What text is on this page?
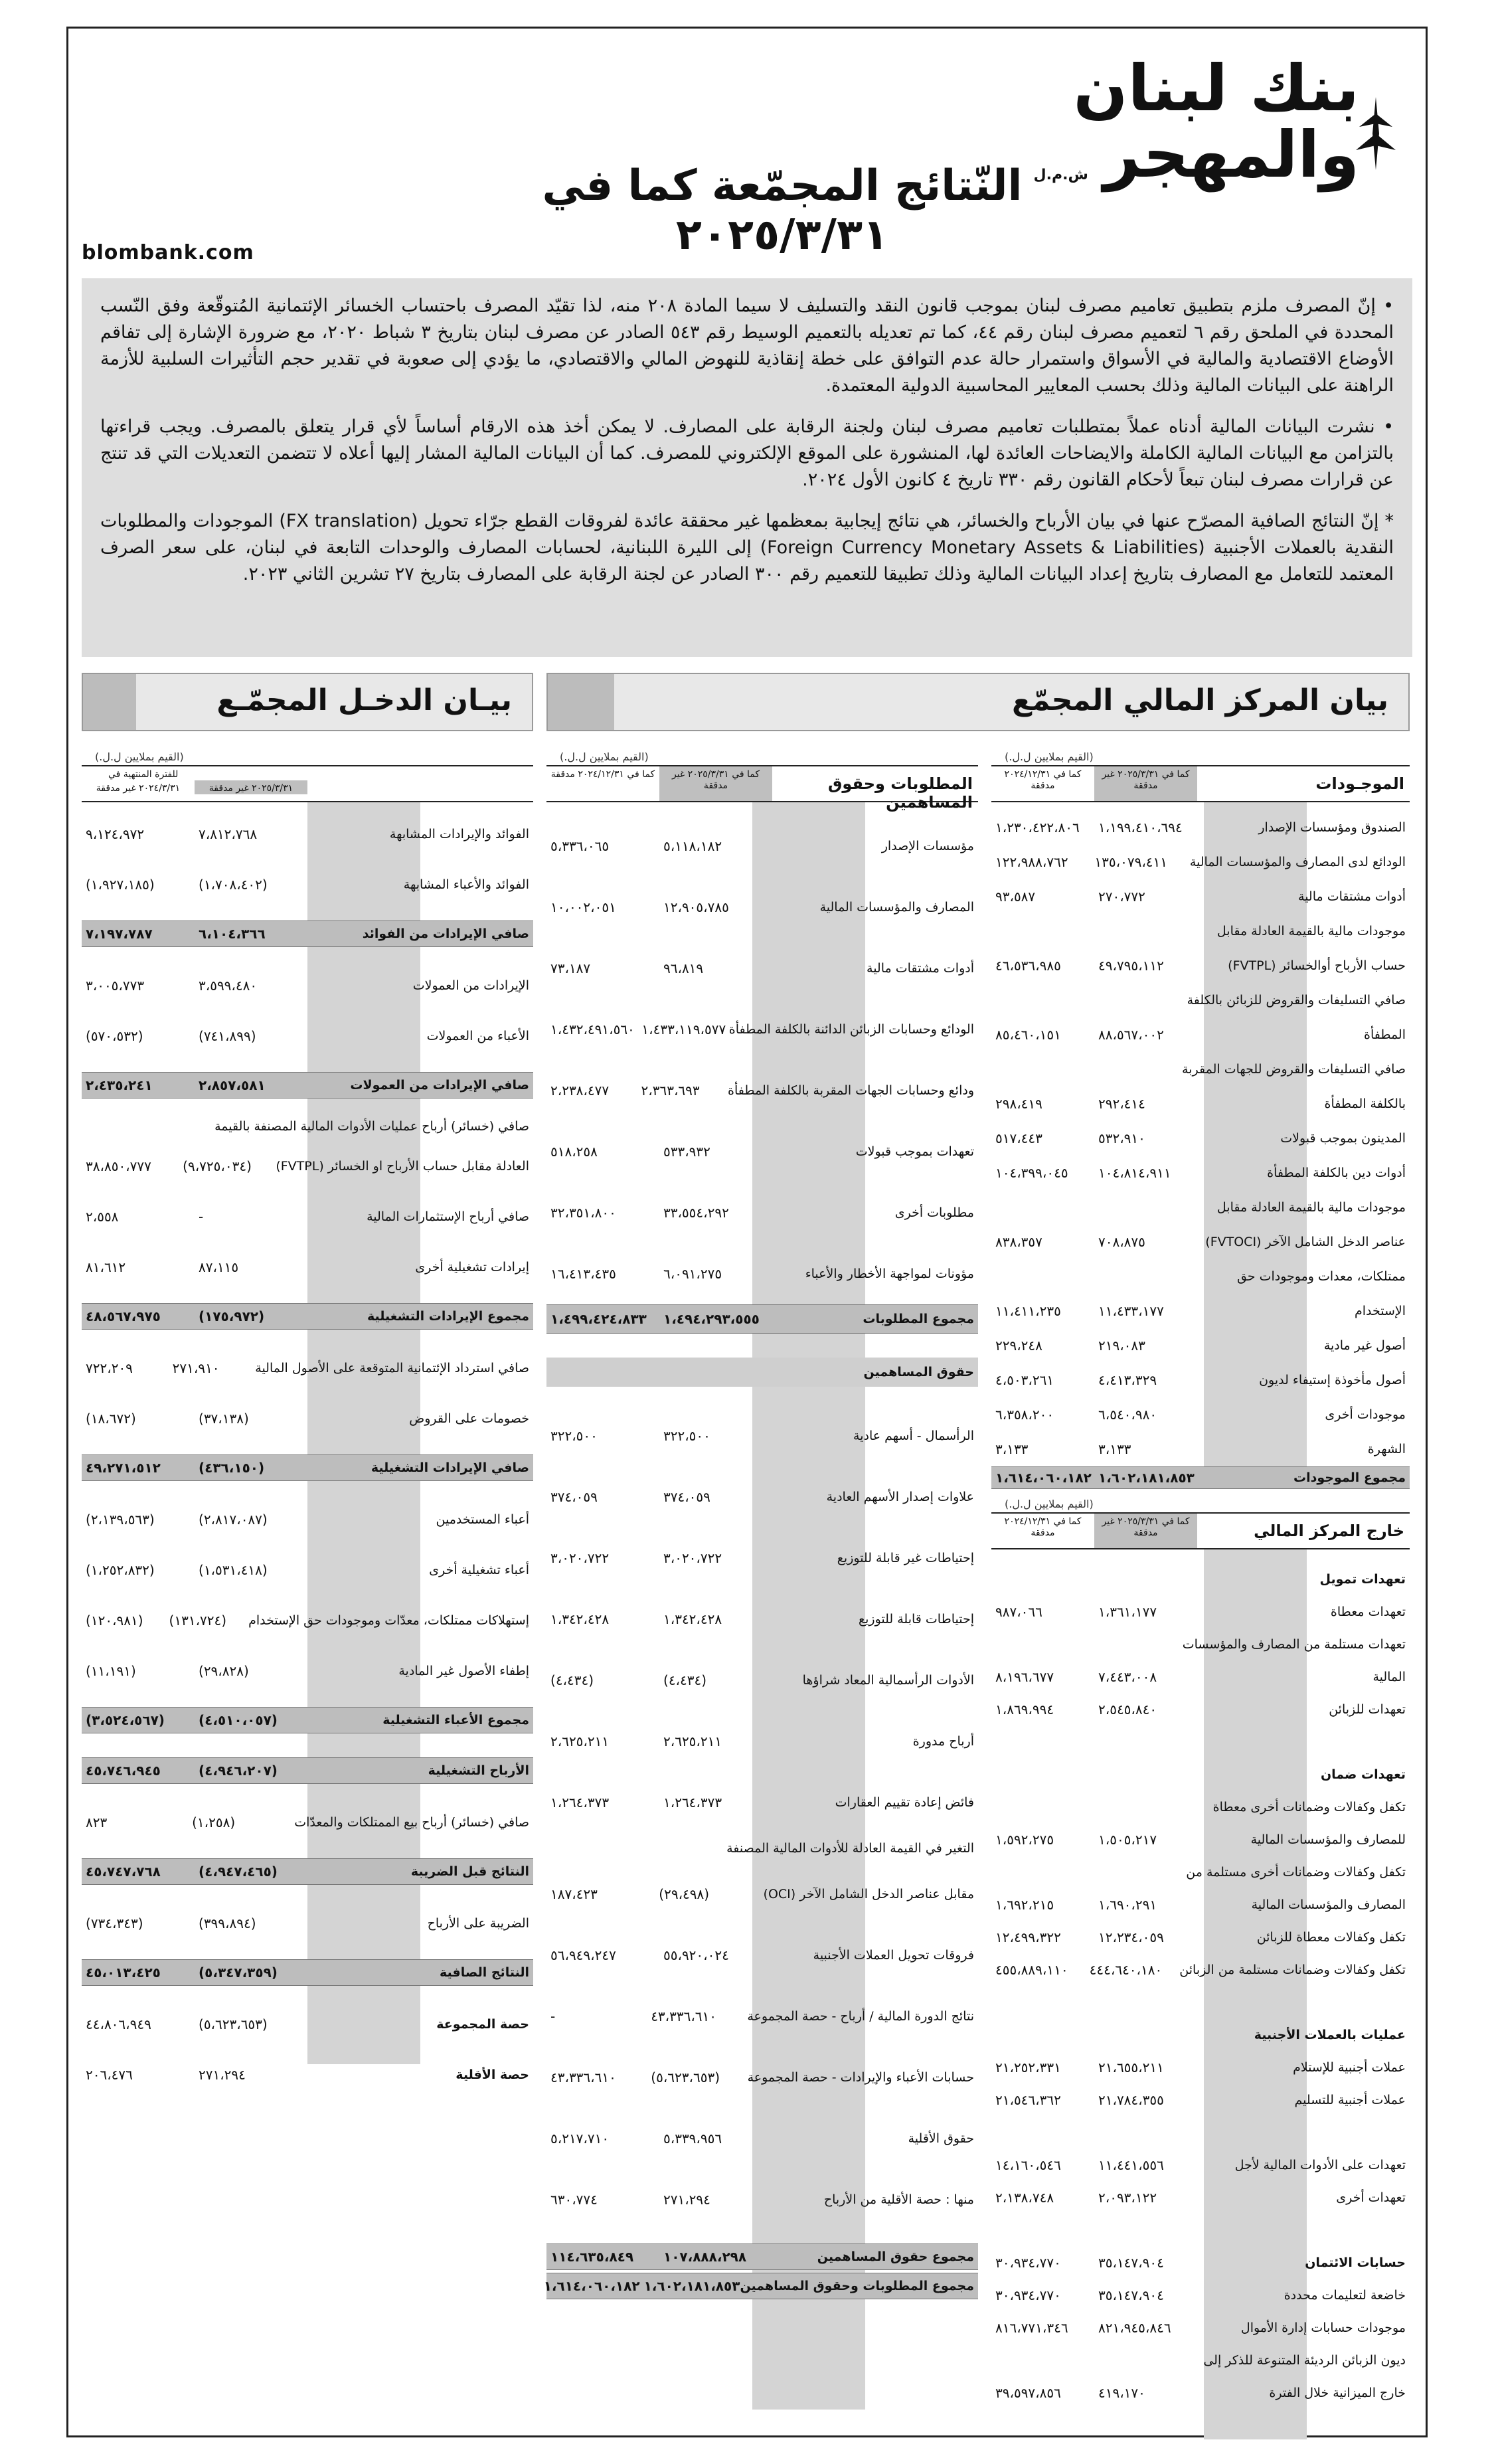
بنك لبنان
والمهجر
ش.م.ل
النّتائج المجمّعة كما في ٢٠٢٥/٣/٣١
blombank.com

• إنّ المصرف ملزم بتطبيق تعاميم مصرف لبنان بموجب قانون النقد والتسليف لا سيما المادة ٢٠٨ منه، لذا تقيّد المصرف باحتساب الخسائر الإئتمانية المُتوقّعة وفق النّسب المحددة في الملحق رقم ٦ لتعميم مصرف لبنان رقم ٤٤، كما تم تعديله بالتعميم الوسيط رقم ٥٤٣ الصادر عن مصرف لبنان بتاريخ ٣ شباط ٢٠٢٠، مع ضرورة الإشارة إلى تفاقم الأوضاع الاقتصادية والمالية في الأسواق واستمرار حالة عدم التوافق على خطة إنقاذية للنهوض المالي والاقتصادي، ما يؤدي إلى صعوبة في تقدير حجم التأثيرات السلبية للأزمة الراهنة على البيانات المالية وذلك بحسب المعايير المحاسبية الدولية المعتمدة.

• نشرت البيانات المالية أدناه عملاً بمتطلبات تعاميم مصرف لبنان ولجنة الرقابة على المصارف. لا يمكن أخذ هذه الارقام أساساً لأي قرار يتعلق بالمصرف. ويجب قراءتها بالتزامن مع البيانات المالية الكاملة والايضاحات العائدة لها، المنشورة على الموقع الإلكتروني للمصرف. كما أن البيانات المالية المشار إليها أعلاه لا تتضمن التعديلات التي قد تنتج عن قرارات مصرف لبنان تبعاً لأحكام القانون رقم ٣٣٠ تاريخ ٤ كانون الأول ٢٠٢٤.

* إنّ النتائج الصافية المصرّح عنها في بيان الأرباح والخسائر، هي نتائج إيجابية بمعظمها غير محققة عائدة لفروقات القطع جرّاء تحويل (FX translation) الموجودات والمطلوبات النقدية بالعملات الأجنبية (Foreign Currency Monetary Assets & Liabilities) إلى الليرة اللبنانية، لحسابات المصارف والوحدات التابعة في لبنان، على سعر الصرف المعتمد للتعامل مع المصارف بتاريخ إعداد البيانات المالية وذلك تطبيقا للتعميم رقم ٣٠٠ الصادر عن لجنة الرقابة على المصارف بتاريخ ٢٧ تشرين الثاني ٢٠٢٣.

بيان المركز المالي المجمّع
بيـان الدخـل المجمّـع
(القيم بملايين ل.ل.)
الموجـودات
كما في ٢٠٢٥/٣/٣١ غير مدققة
كما في ٢٠٢٤/١٢/٣١ مدققة
الصندوق ومؤسسات الإصدار
١،١٩٩،٤١٠،٦٩٤
١،٢٣٠،٤٢٢،٨٠٦
الودائع لدى المصارف والمؤسسات المالية
١٣٥،٠٧٩،٤١١
١٢٢،٩٨٨،٧٦٢
أدوات مشتقات مالية
٢٧٠،٧٧٢
٩٣،٥٨٧
موجودات مالية بالقيمة العادلة مقابل
حساب الأرباح أوالخسائر (FVTPL)
٤٩،٧٩٥،١١٢
٤٦،٥٣٦،٩٨٥
صافي التسليفات والقروض للزبائن بالكلفة
المطفأة
٨٨،٥٦٧،٠٠٢
٨٥،٤٦٠،١٥١
صافي التسليفات والقروض للجهات المقربة
بالكلفة المطفأة
٢٩٢،٤١٤
٢٩٨،٤١٩
المدينون بموجب قبولات
٥٣٢،٩١٠
٥١٧،٤٤٣
أدوات دين بالكلفة المطفأة
١٠٤،٨١٤،٩١١
١٠٤،٣٩٩،٠٤٥
موجودات مالية بالقيمة العادلة مقابل
عناصر الدخل الشامل الآخر (FVTOCI)
٧٠٨،٨٧٥
٨٣٨،٣٥٧
ممتلكات، معدات وموجودات حق
الإستخدام
١١،٤٣٣،١٧٧
١١،٤١١،٢٣٥
أصول غير مادية
٢١٩،٠٨٣
٢٢٩،٢٤٨
أصول مأخوذة إستيفاء لديون
٤،٤١٣،٣٢٩
٤،٥٠٣،٢٦١
موجودات أخرى
٦،٥٤٠،٩٨٠
٦،٣٥٨،٢٠٠
الشهرة
٣،١٣٣
٣،١٣٣
مجموع الموجودات
١،٦٠٢،١٨١،٨٥٣
١،٦١٤،٠٦٠،١٨٢
(القيم بملايين ل.ل.)
خارج المركز المالي
كما في ٢٠٢٥/٣/٣١ غير مدققة
كما في ٢٠٢٤/١٢/٣١ مدققة
تعهدات تمويل
تعهدات معطاة
١،٣٦١،١٧٧
٩٨٧،٠٦٦
تعهدات مستلمة من المصارف والمؤسسات
المالية
٧،٤٤٣،٠٠٨
٨،١٩٦،٦٧٧
تعهدات للزبائن
٢،٥٤٥،٨٤٠
١،٨٦٩،٩٩٤
تعهدات ضمان
تكفل وكفالات وضمانات أخرى معطاة
للمصارف والمؤسسات المالية
١،٥٠٥،٢١٧
١،٥٩٢،٢٧٥
تكفل وكفالات وضمانات أخرى مستلمة من
المصارف والمؤسسات المالية
١،٦٩٠،٢٩١
١،٦٩٢،٢١٥
تكفل وكفالات معطاة للزبائن
١٢،٢٣٤،٠٥٩
١٢،٤٩٩،٣٢٢
تكفل وكفالات وضمانات مستلمة من الزبائن
٤٤٤،٦٤٠،١٨٠
٤٥٥،٨٨٩،١١٠
عمليات بالعملات الأجنبية
عملات أجنبية للإستلام
٢١،٦٥٥،٢١١
٢١،٢٥٢،٣٣١
عملات أجنبية للتسليم
٢١،٧٨٤،٣٥٥
٢١،٥٤٦،٣٦٢
تعهدات على الأدوات المالية لأجل
١١،٤٤١،٥٥٦
١٤،١٦٠،٥٤٦
تعهدات أخرى
٢،٠٩٣،١٢٢
٢،١٣٨،٧٤٨
حسابات الائتمان
٣٥،١٤٧،٩٠٤
٣٠،٩٣٤،٧٧٠
خاضعة لتعليمات محددة
٣٥،١٤٧،٩٠٤
٣٠،٩٣٤،٧٧٠
موجودات حسابات إدارة الأموال
٨٢١،٩٤٥،٨٤٦
٨١٦،٧٧١،٣٤٦
ديون الزبائن الرديئة المتنوعة للذكر إلى
خارج الميزانية خلال الفترة
٤١٩،١٧٠
٣٩،٥٩٧،٨٥٦
(القيم بملايين ل.ل.)
المطلوبات وحقوق المساهمين
كما في ٢٠٢٥/٣/٣١ غير مدققة
كما في ٢٠٢٤/١٢/٣١ مدققة
مؤسسات الإصدار
٥،١١٨،١٨٢
٥،٣٣٦،٠٦٥
المصارف والمؤسسات المالية
١٢،٩٠٥،٧٨٥
١٠،٠٠٢،٠٥١
أدوات مشتقات مالية
٩٦،٨١٩
٧٣،١٨٧
الودائع وحسابات الزبائن الدائنة بالكلفة المطفأة
١،٤٣٣،١١٩،٥٧٧
١،٤٣٢،٤٩١،٥٦٠
ودائع وحسابات الجهات المقربة بالكلفة المطفأة
٢،٣٦٣،٦٩٣
٢،٢٣٨،٤٧٧
تعهدات بموجب قبولات
٥٣٣،٩٣٢
٥١٨،٢٥٨
مطلوبات أخرى
٣٣،٥٥٤،٢٩٢
٣٢،٣٥١،٨٠٠
مؤونات لمواجهة الأخطار والأعباء
٦،٠٩١،٢٧٥
١٦،٤١٣،٤٣٥
مجموع المطلوبات
١،٤٩٤،٢٩٣،٥٥٥
١،٤٩٩،٤٢٤،٨٣٣
حقوق المساهمين
الرأسمال - أسهم عادية
٣٢٢،٥٠٠
٣٢٢،٥٠٠
علاوات إصدار الأسهم العادية
٣٧٤،٠٥٩
٣٧٤،٠٥٩
إحتياطات غير قابلة للتوزيع
٣،٠٢٠،٧٢٢
٣،٠٢٠،٧٢٢
إحتياطات قابلة للتوزيع
١،٣٤٢،٤٢٨
١،٣٤٢،٤٢٨
الأدوات الرأسمالية المعاد شراؤها
(٤،٤٣٤)
(٤،٤٣٤)
أرباح مدورة
٢،٦٢٥،٢١١
٢،٦٢٥،٢١١
فائض إعادة تقييم العقارات
١،٢٦٤،٣٧٣
١،٢٦٤،٣٧٣
التغير في القيمة العادلة للأدوات المالية المصنفة
مقابل عناصر الدخل الشامل الآخر (OCI)
(٢٩،٤٩٨)
١٨٧،٤٢٣
فروقات تحويل العملات الأجنبية
٥٥،٩٢٠،٠٢٤
٥٦،٩٤٩،٢٤٧
نتائج الدورة المالية / أرباح - حصة المجموعة
٤٣،٣٣٦،٦١٠
-
حسابات الأعباء والإيرادات - حصة المجموعة
(٥،٦٢٣،٦٥٣)
٤٣،٣٣٦،٦١٠
حقوق الأقلية
٥،٣٣٩،٩٥٦
٥،٢١٧،٧١٠
منها : حصة الأقلية من الأرباح
٢٧١،٢٩٤
٦٣٠،٧٧٤
مجموع حقوق المساهمين
١٠٧،٨٨٨،٢٩٨
١١٤،٦٣٥،٨٤٩
مجموع المطلوبات وحقوق المساهمين
١،٦٠٢،١٨١،٨٥٣
١،٦١٤،٠٦٠،١٨٢
(القيم بملايين ل.ل.)
للفترة المنتهية في
٢٠٢٥/٣/٣١ غير مدققة
٢٠٢٤/٣/٣١ غير مدققة
الفوائد والإيرادات المشابهة
٧،٨١٢،٧٦٨
٩،١٢٤،٩٧٢
الفوائد والأعباء المشابهة
(١،٧٠٨،٤٠٢)
(١،٩٢٧،١٨٥)
صافي الإيرادات من الفوائد
٦،١٠٤،٣٦٦
٧،١٩٧،٧٨٧
الإيرادات من العمولات
٣،٥٩٩،٤٨٠
٣،٠٠٥،٧٧٣
الأعباء من العمولات
(٧٤١،٨٩٩)
(٥٧٠،٥٣٢)
صافي الإيرادات من العمولات
٢،٨٥٧،٥٨١
٢،٤٣٥،٢٤١
صافي (خسائر) أرباح عمليات الأدوات المالية المصنفة بالقيمة
العادلة مقابل حساب الأرباح او الخسائر (FVTPL)
(٩،٧٢٥،٠٣٤)
٣٨،٨٥٠،٧٧٧
صافي أرباح الإستثمارات المالية
-
٢،٥٥٨
إيرادات تشغيلية أخرى
٨٧،١١٥
٨١،٦١٢
مجموع الإيرادات التشغيلية
(١٧٥،٩٧٢)
٤٨،٥٦٧،٩٧٥
صافي استرداد الإئتمانية المتوقعة على الأصول المالية
٢٧١،٩١٠
٧٢٢،٢٠٩
خصومات على القروض
(٣٧،١٣٨)
(١٨،٦٧٢)
صافي الإيرادات التشغيلية
(٤٣٦،١٥٠)
٤٩،٢٧١،٥١٢
أعباء المستخدمين
(٢،٨١٧،٠٨٧)
(٢،١٣٩،٥٦٣)
أعباء تشغيلية أخرى
(١،٥٣١،٤١٨)
(١،٢٥٢،٨٣٢)
إستهلاكات ممتلكات، معدّات وموجودات حق الإستخدام
(١٣١،٧٢٤)
(١٢٠،٩٨١)
إطفاء الأصول غير المادية
(٢٩،٨٢٨)
(١١،١٩١)
مجموع الأعباء التشغيلية
(٤،٥١٠،٠٥٧)
(٣،٥٢٤،٥٦٧)
الأرباح التشغيلية
(٤،٩٤٦،٢٠٧)
٤٥،٧٤٦،٩٤٥
صافي (خسائر) أرباح بيع الممتلكات والمعدّات
(١،٢٥٨)
٨٢٣
النتائج قبل الضريبة
(٤،٩٤٧،٤٦٥)
٤٥،٧٤٧،٧٦٨
الضريبة على الأرباح
(٣٩٩،٨٩٤)
(٧٣٤،٣٤٣)
النتائج الصافية
(٥،٣٤٧،٣٥٩)
٤٥،٠١٣،٤٢٥
حصة المجموعة
(٥،٦٢٣،٦٥٣)
٤٤،٨٠٦،٩٤٩
حصة الأقلية
٢٧١،٢٩٤
٢٠٦،٤٧٦
